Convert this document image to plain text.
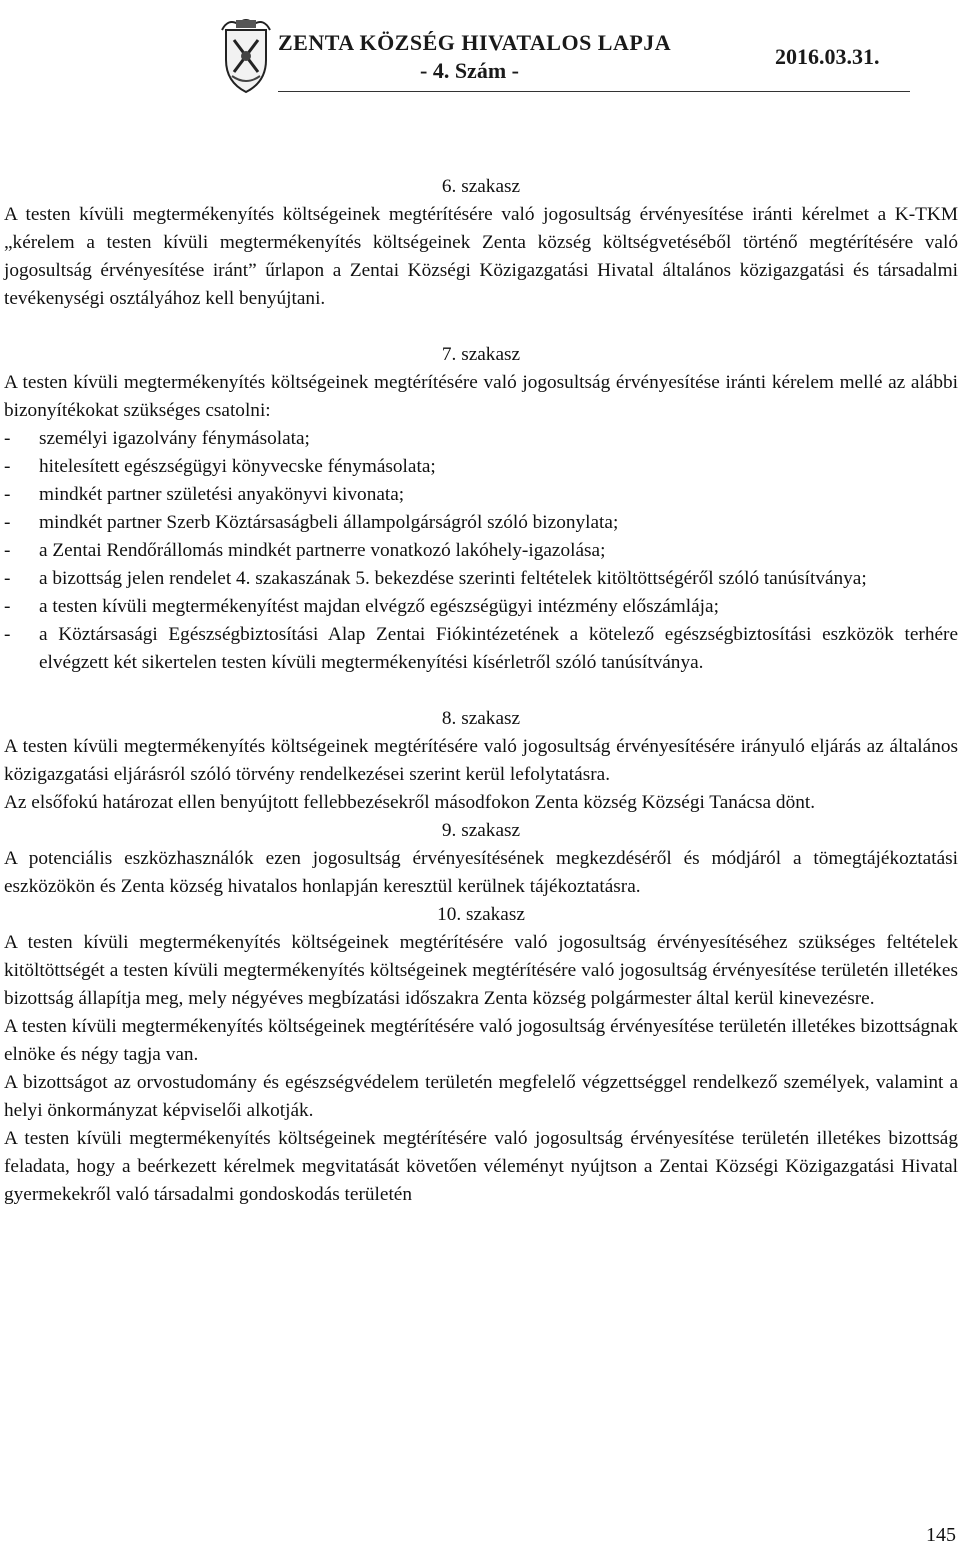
ZENTA KÖZSÉG HIVATALOS LAPJA
- 4. Szám -
2016.03.31.

6. szakasz

A testen kívüli megtermékenyítés költségeinek megtérítésére való jogosultság érvényesítése iránti kérelmet a K-TKM „kérelem a testen kívüli megtermékenyítés költségeinek Zenta község költségvetéséből történő megtérítésére való jogosultság érvényesítése iránt” űrlapon a Zentai Községi Közigazgatási Hivatal általános közigazgatási és társadalmi tevékenységi osztályához kell benyújtani.

7. szakasz

A testen kívüli megtermékenyítés költségeinek megtérítésére való jogosultság érvényesítése iránti kérelem mellé az alábbi bizonyítékokat szükséges csatolni:

- személyi igazolvány fénymásolata;
- hitelesített egészségügyi könyvecske fénymásolata;
- mindkét partner születési anyakönyvi kivonata;
- mindkét partner Szerb Köztársaságbeli állampolgárságról szóló bizonylata;
- a Zentai Rendőrállomás mindkét partnerre vonatkozó lakóhely-igazolása;
- a bizottság jelen rendelet 4. szakaszának 5. bekezdése szerinti feltételek kitöltöttségéről szóló tanúsítványa;
- a testen kívüli megtermékenyítést majdan elvégző egészségügyi intézmény előszámlája;
- a Köztársasági Egészségbiztosítási Alap Zentai Fiókintézetének a kötelező egészségbiztosítási eszközök terhére elvégzett két sikertelen testen kívüli megtermékenyítési kísérletről szóló tanúsítványa.

8. szakasz

A testen kívüli megtermékenyítés költségeinek megtérítésére való jogosultság érvényesítésére irányuló eljárás az általános közigazgatási eljárásról szóló törvény rendelkezései szerint kerül lefolytatásra.

Az elsőfokú határozat ellen benyújtott fellebbezésekről másodfokon Zenta község Községi Tanácsa dönt.

9. szakasz

A potenciális eszközhasználók ezen jogosultság érvényesítésének megkezdéséről és módjáról a tömegtájékoztatási eszközökön és Zenta község hivatalos honlapján keresztül kerülnek tájékoztatásra.

10. szakasz

A testen kívüli megtermékenyítés költségeinek megtérítésére való jogosultság érvényesítéséhez szükséges feltételek kitöltöttségét a testen kívüli megtermékenyítés költségeinek megtérítésére való jogosultság érvényesítése területén illetékes bizottság állapítja meg, mely négyéves megbízatási időszakra Zenta község polgármester által kerül kinevezésre.

A testen kívüli megtermékenyítés költségeinek megtérítésére való jogosultság érvényesítése területén illetékes bizottságnak elnöke és négy tagja van.

A bizottságot az orvostudomány és egészségvédelem területén megfelelő végzettséggel rendelkező személyek, valamint a helyi önkormányzat képviselői alkotják.

A testen kívüli megtermékenyítés költségeinek megtérítésére való jogosultság érvényesítése területén illetékes bizottság feladata, hogy a beérkezett kérelmek megvitatását követően véleményt nyújtson a Zentai Községi Közigazgatási Hivatal gyermekekről való társadalmi gondoskodás területén

145
